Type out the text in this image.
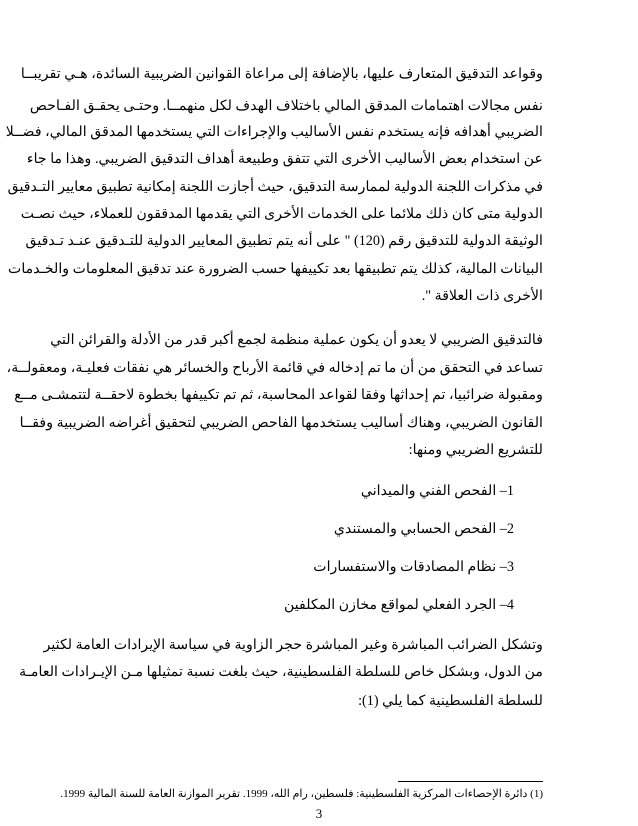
وقواعد التدقيق المتعارف عليها، بالإضافة إلى مراعاة القوانين الضريبية السائدة، هـي تقريبــا
نفس مجالات اهتمامات المدقق المالي باختلاف الهدف لكل منهمــا. وحتـى يحقـق الفـاحص
الضريبي أهدافه فإنه يستخدم نفس الأساليب والإجراءات التي يستخدمها المدقق المالي، فضــلا
عن استخدام بعض الأساليب الأخرى التي تتفق وطبيعة أهداف التدقيق الضريبي. وهذا ما جاء
في مذكرات اللجنة الدولية لممارسة التدقيق، حيث أجازت اللجنة إمكانية تطبيق معايير التـدقيق
الدولية متى كان ذلك ملائما على الخدمات الأخرى التي يقدمها المدققون للعملاء، حيث نصـت
الوثيقة الدولية للتدقيق رقم (120) " على أنه يتم تطبيق المعايير الدولية للتـدقيق عنـد تـدقيق
البيانات المالية، كذلك يتم تطبيقها بعد تكييفها حسب الضرورة عند تدقيق المعلومات والخـدمات
الأخرى ذات العلاقة ".
فالتدقيق الضريبي لا يعدو أن يكون عملية منظمة لجمع أكبر قدر من الأدلة والقرائن التي
تساعد في التحقق من أن ما تم إدخاله في قائمة الأرباح والخسائر هي نفقات فعليـة، ومعقولــة،
ومقبولة ضرائبيا، تم إحداثها وفقا لقواعد المحاسبة، ثم تم تكييفها بخطوة لاحقــة لتتمشـى مــع
القانون الضريبي، وهناك أساليب يستخدمها الفاحص الضريبي لتحقيق أغراضه الضريبية وفقــا
للتشريع الضريبي ومنها:
1– الفحص الفني والميداني
2– الفحص الحسابي والمستندي
3– نظام المصادقات والاستفسارات
4– الجرد الفعلي لمواقع مخازن المكلفين
وتشكل الضرائب المباشرة وغير المباشرة حجر الزاوية في سياسة الإيرادات العامة لكثير
من الدول، وبشكل خاص للسلطة الفلسطينية، حيث بلغت نسبة تمثيلها مـن الإيـرادات العامـة
للسلطة الفلسطينية كما يلي (1):
(1) دائرة الإحصاءات المركزية الفلسطينية: فلسطين، رام الله، 1999. تقرير الموازنة العامة للسنة المالية 1999.
3
